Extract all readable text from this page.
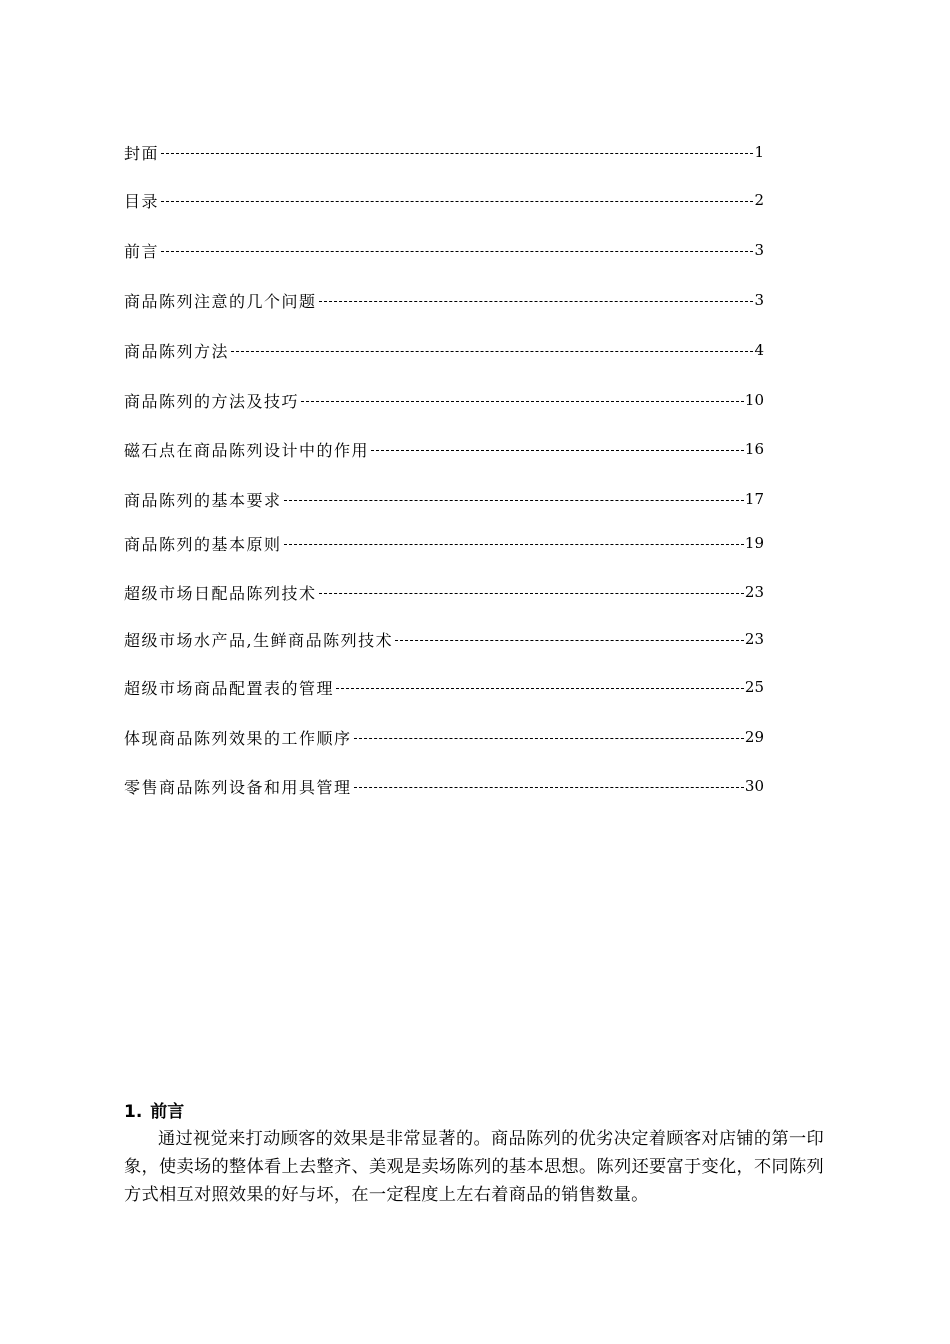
封面	1
目录	2
前言	3
商品陈列注意的几个问题	3
商品陈列方法	4
商品陈列的方法及技巧	10
磁石点在商品陈列设计中的作用	16
商品陈列的基本要求	17
商品陈列的基本原则	19
超级市场日配品陈列技术	23
超级市场水产品,生鲜商品陈列技术	23
超级市场商品配置表的管理	25
体现商品陈列效果的工作顺序	29
零售商品陈列设备和用具管理	30
1. 前言
通过视觉来打动顾客的效果是非常显著的。商品陈列的优劣决定着顾客对店铺的第一印象，使卖场的整体看上去整齐、美观是卖场陈列的基本思想。陈列还要富于变化，不同陈列方式相互对照效果的好与坏，在一定程度上左右着商品的销售数量。
